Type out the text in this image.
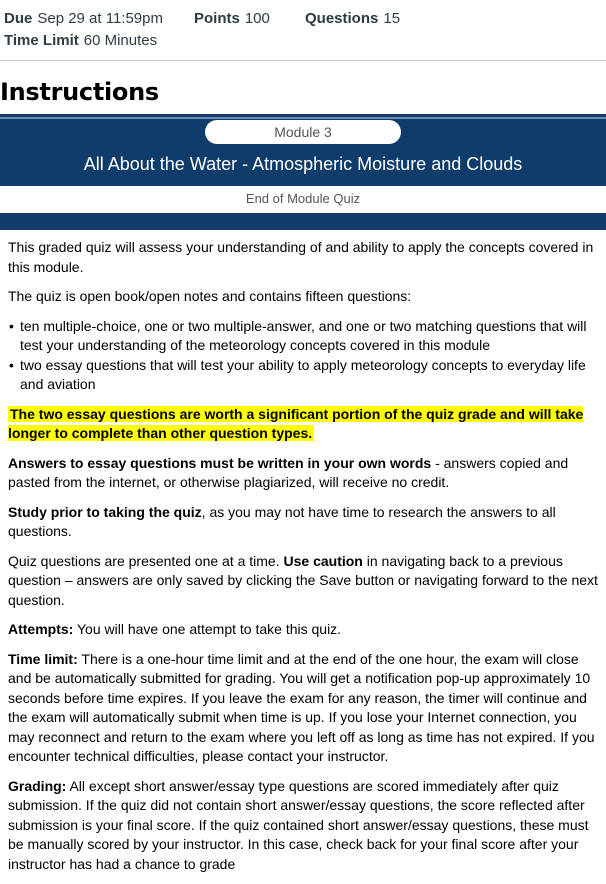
Due Sep 29 at 11:59pm Points 100 Questions 15
Time Limit 60 Minutes
Instructions
Module 3
All About the Water - Atmospheric Moisture and Clouds
End of Module Quiz

This graded quiz will assess your understanding of and ability to apply the concepts covered in this module.

The quiz is open book/open notes and contains fifteen questions:

• ten multiple-choice, one or two multiple-answer, and one or two matching questions that will test your understanding of the meteorology concepts covered in this module
• two essay questions that will test your ability to apply meteorology concepts to everyday life and aviation

The two essay questions are worth a significant portion of the quiz grade and will take longer to complete than other question types.

Answers to essay questions must be written in your own words - answers copied and pasted from the internet, or otherwise plagiarized, will receive no credit.

Study prior to taking the quiz, as you may not have time to research the answers to all questions.

Quiz questions are presented one at a time. Use caution in navigating back to a previous question – answers are only saved by clicking the Save button or navigating forward to the next question.

Attempts: You will have one attempt to take this quiz.

Time limit: There is a one-hour time limit and at the end of the one hour, the exam will close and be automatically submitted for grading. You will get a notification pop-up approximately 10 seconds before time expires. If you leave the exam for any reason, the timer will continue and the exam will automatically submit when time is up. If you lose your Internet connection, you may reconnect and return to the exam where you left off as long as time has not expired. If you encounter technical difficulties, please contact your instructor.

Grading: All except short answer/essay type questions are scored immediately after quiz submission. If the quiz did not contain short answer/essay questions, the score reflected after submission is your final score. If the quiz contained short answer/essay questions, these must be manually scored by your instructor. In this case, check back for your final score after your instructor has had a chance to grade
